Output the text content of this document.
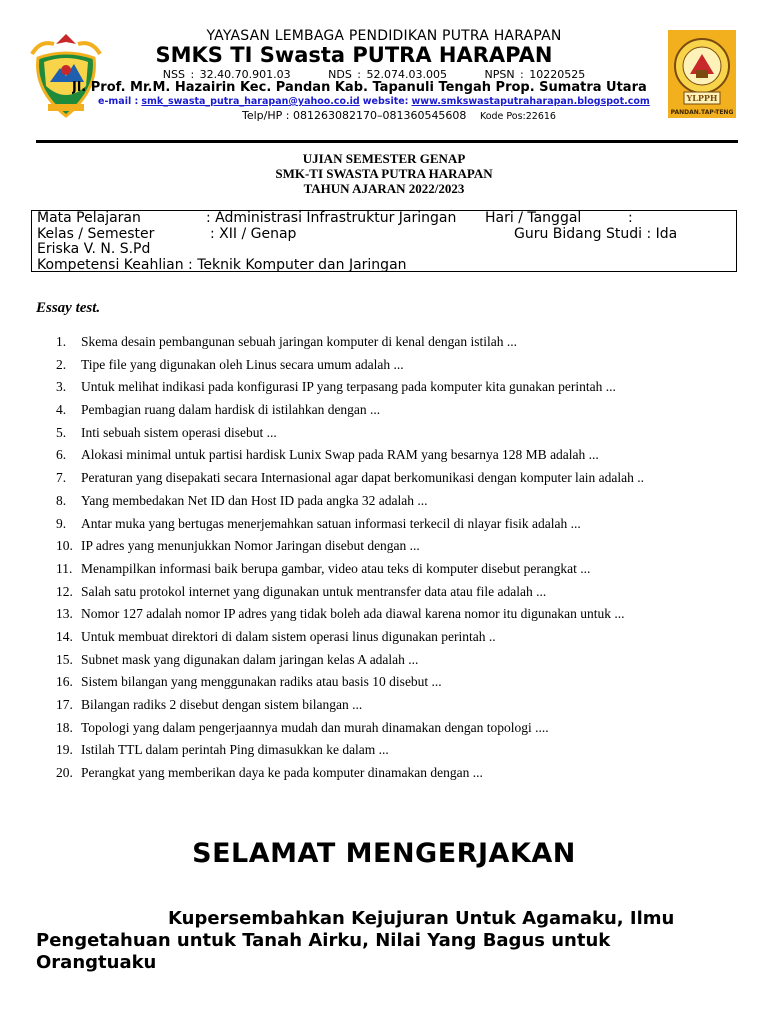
YAYASAN LEMBAGA PENDIDIKAN PUTRA HARAPAN
SMKS TI Swasta PUTRA HARAPAN
NSS : 32.40.70.901.03	NDS : 52.074.03.005	NPSN : 10220525
Jl. Prof. Mr.M. Hazairin Kec. Pandan Kab. Tapanuli Tengah Prop. Sumatra Utara
e-mail : smk_swasta_putra_harapan@yahoo.co.id website: www.smkswastaputraharapan.blogspot.com
Telp/HP : 081263082170–081360545608 Kode Pos:22616
YLPPH
PANDAN.TAP-TENG
UJIAN SEMESTER GENAP
SMK-TI SWASTA PUTRA HARAPAN
TAHUN AJARAN 2022/2023
Mata Pelajaran	: Administrasi Infrastruktur Jaringan Hari / Tanggal	:
Kelas / Semester	: XII / Genap	Guru Bidang Studi : Ida
Eriska V. N. S.Pd
Kompetensi Keahlian : Teknik Komputer dan Jaringan
Essay test.
1.	Skema desain pembangunan sebuah jaringan komputer di kenal dengan istilah ...
2.	Tipe file yang digunakan oleh Linus secara umum adalah ...
3.	Untuk melihat indikasi pada konfigurasi IP yang terpasang pada komputer kita gunakan perintah ...
4.	Pembagian ruang dalam hardisk di istilahkan dengan ...
5.	Inti sebuah sistem operasi disebut ...
6.	Alokasi minimal untuk partisi hardisk Lunix Swap pada RAM yang besarnya 128 MB adalah ...
7.	Peraturan yang disepakati secara Internasional agar dapat berkomunikasi dengan komputer lain adalah ..
8.	Yang membedakan Net ID dan Host ID pada angka 32 adalah ...
9.	Antar muka yang bertugas menerjemahkan satuan informasi terkecil di nlayar fisik adalah ...
10. IP adres yang menunjukkan Nomor Jaringan disebut dengan ...
11. Menampilkan informasi baik berupa gambar, video atau teks di komputer disebut perangkat ...
12. Salah satu protokol internet yang digunakan untuk mentransfer data atau file adalah ...
13. Nomor 127 adalah nomor IP adres yang tidak boleh ada diawal karena nomor itu digunakan untuk ...
14. Untuk membuat direktori di dalam sistem operasi linus digunakan perintah ..
15. Subnet mask yang digunakan dalam jaringan kelas A adalah ...
16. Sistem bilangan yang menggunakan radiks atau basis 10 disebut ...
17. Bilangan radiks 2 disebut dengan sistem bilangan ...
18. Topologi yang dalam pengerjaannya mudah dan murah dinamakan dengan topologi ....
19. Istilah TTL dalam perintah Ping dimasukkan ke dalam ...
20. Perangkat yang memberikan daya ke pada komputer dinamakan dengan ...
SELAMAT MENGERJAKAN
Kupersembahkan Kejujuran Untuk Agamaku, Ilmu Pengetahuan untuk Tanah Airku, Nilai Yang Bagus untuk Orangtuaku
